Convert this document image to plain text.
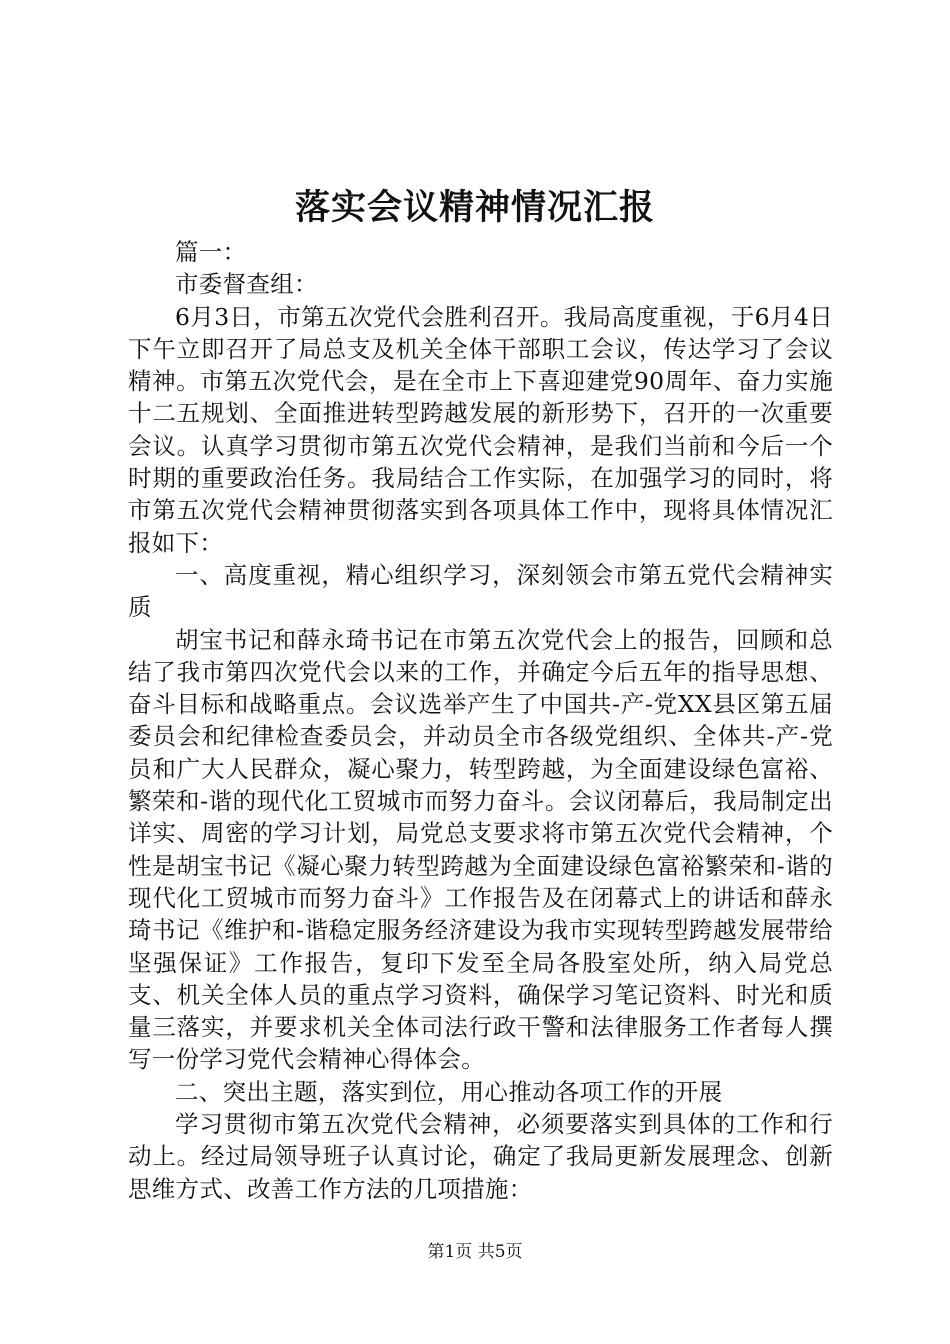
落实会议精神情况汇报

篇一：

市委督查组：

6月3日，市第五次党代会胜利召开。我局高度重视，于6月4日下午立即召开了局总支及机关全体干部职工会议，传达学习了会议精神。市第五次党代会，是在全市上下喜迎建党90周年、奋力实施十二五规划、全面推进转型跨越发展的新形势下，召开的一次重要会议。认真学习贯彻市第五次党代会精神，是我们当前和今后一个时期的重要政治任务。我局结合工作实际，在加强学习的同时，将市第五次党代会精神贯彻落实到各项具体工作中，现将具体情况汇报如下：

一、高度重视，精心组织学习，深刻领会市第五党代会精神实质

胡宝书记和薛永琦书记在市第五次党代会上的报告，回顾和总结了我市第四次党代会以来的工作，并确定今后五年的指导思想、奋斗目标和战略重点。会议选举产生了中国共-产-党XX县区第五届委员会和纪律检查委员会，并动员全市各级党组织、全体共-产-党员和广大人民群众，凝心聚力，转型跨越，为全面建设绿色富裕、繁荣和-谐的现代化工贸城市而努力奋斗。会议闭幕后，我局制定出详实、周密的学习计划，局党总支要求将市第五次党代会精神，个性是胡宝书记《凝心聚力转型跨越为全面建设绿色富裕繁荣和-谐的现代化工贸城市而努力奋斗》工作报告及在闭幕式上的讲话和薛永琦书记《维护和-谐稳定服务经济建设为我市实现转型跨越发展带给坚强保证》工作报告，复印下发至全局各股室处所，纳入局党总支、机关全体人员的重点学习资料，确保学习笔记资料、时光和质量三落实，并要求机关全体司法行政干警和法律服务工作者每人撰写一份学习党代会精神心得体会。

二、突出主题，落实到位，用心推动各项工作的开展

学习贯彻市第五次党代会精神，必须要落实到具体的工作和行动上。经过局领导班子认真讨论，确定了我局更新发展理念、创新思维方式、改善工作方法的几项措施：

第1页 共5页
